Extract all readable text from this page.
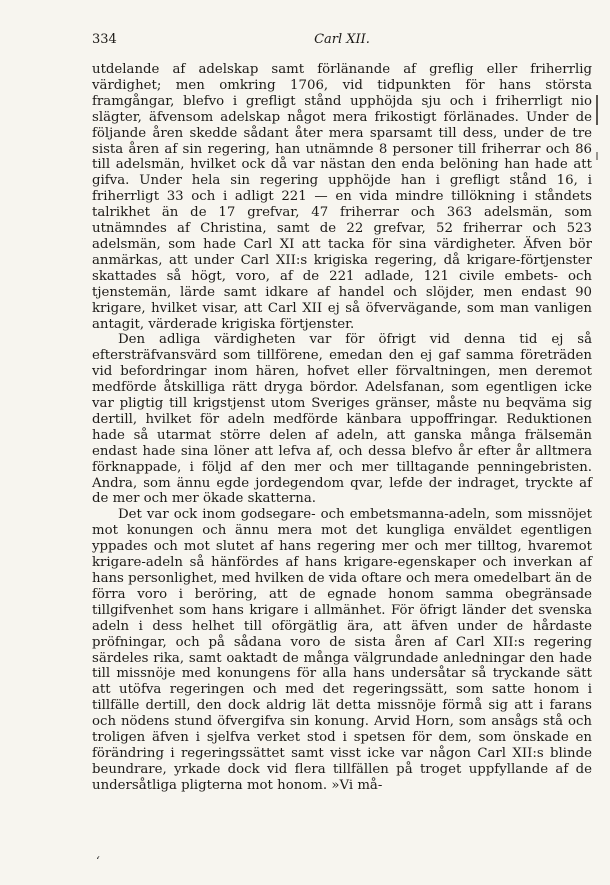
334	Carl XII.

utdelande af adelskap samt förlänande af greflig eller friherrlig värdighet; men omkring 1706, vid tidpunkten för hans största framgångar, blefvo i grefligt stånd upphöjda sju och i friherrligt nio slägter, äfvensom adelskap något mera frikostigt förlänades. Under de följande åren skedde sådant åter mera sparsamt till dess, under de tre sista åren af sin regering, han utnämnde 8 personer till friherrar och 86 till adelsmän, hvilket ock då var nästan den enda belöning han hade att gifva. Under hela sin regering upphöjde han i grefligt stånd 16, i friherrligt 33 och i adligt 221 — en vida mindre tillökning i ståndets talrikhet än de 17 grefvar, 47 friherrar och 363 adelsmän, som utnämndes af Christina, samt de 22 grefvar, 52 friherrar och 523 adelsmän, som hade Carl XI att tacka för sina värdigheter. Äfven bör anmärkas, att under Carl XII:s krigiska regering, då krigare-förtjenster skattades så högt, voro, af de 221 adlade, 121 civile embets- och tjenstemän, lärde samt idkare af handel och slöjder, men endast 90 krigare, hvilket visar, att Carl XII ej så öfvervägande, som man vanligen antagit, värderade krigiska förtjenster.

Den adliga värdigheten var för öfrigt vid denna tid ej så eftersträfvansvärd som tillförene, emedan den ej gaf samma företräden vid befordringar inom hären, hofvet eller förvaltningen, men deremot medförde åtskilliga rätt dryga bördor. Adelsfanan, som egentligen icke var pligtig till krigstjenst utom Sveriges gränser, måste nu beqväma sig dertill, hvilket för adeln medförde känbara uppoffringar. Reduktionen hade så utarmat större delen af adeln, att ganska många frälsemän endast hade sina löner att lefva af, och dessa blefvo år efter år alltmera förknappade, i följd af den mer och mer tilltagande penningebristen. Andra, som ännu egde jordegendom qvar, lefde der indraget, tryckte af de mer och mer ökade skatterna.

Det var ock inom godsegare- och embetsmanna-adeln, som missnöjet mot konungen och ännu mera mot det kungliga enväldet egentligen yppades och mot slutet af hans regering mer och mer tilltog, hvaremot krigare-adeln så hänfördes af hans krigare-egenskaper och inverkan af hans personlighet, med hvilken de vida oftare och mera omedelbart än de förra voro i beröring, att de egnade honom samma obegränsade tillgifvenhet som hans krigare i allmänhet. För öfrigt länder det svenska adeln i dess helhet till oförgätlig ära, att äfven under de hårdaste pröfningar, och på sådana voro de sista åren af Carl XII:s regering särdeles rika, samt oaktadt de många välgrundade anledningar den hade till missnöje med konungens för alla hans undersåtar så tryckande sätt att utöfva regeringen och med det regeringssätt, som satte honom i tillfälle dertill, den dock aldrig lät detta missnöje förmå sig att i farans och nödens stund öfvergifva sin konung. Arvid Horn, som ansågs stå och troligen äfven i sjelfva verket stod i spetsen för dem, som önskade en förändring i regeringssättet samt visst icke var någon Carl XII:s blinde beundrare, yrkade dock vid flera tillfällen på troget uppfyllande af de undersåtliga pligterna mot honom. »Vi må-

‘
